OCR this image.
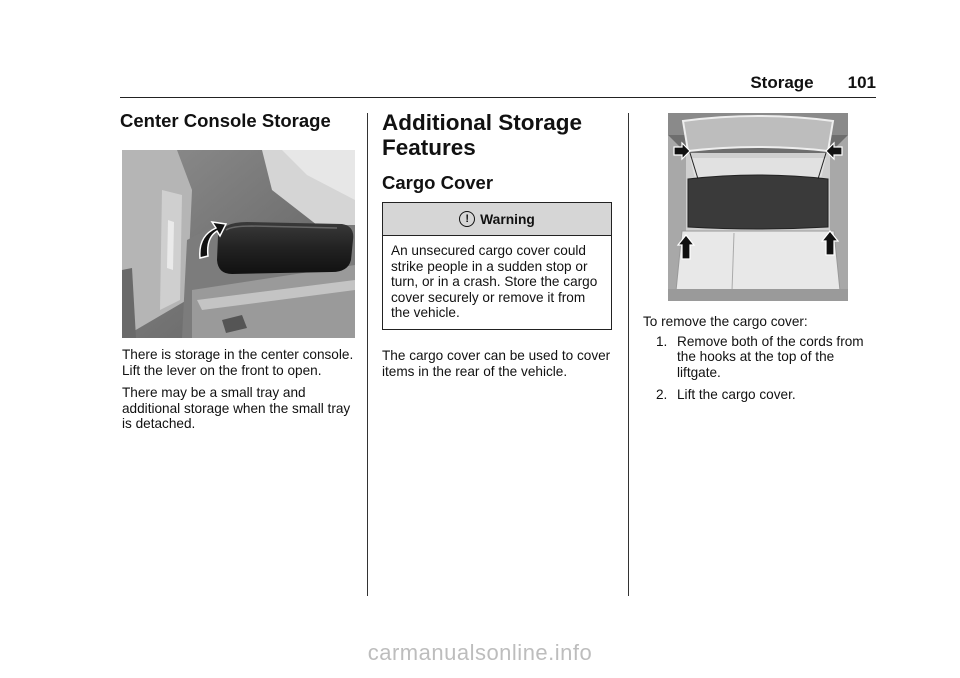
Storage 101
Center Console Storage

There is storage in the center console. Lift the lever on the front to open.

There may be a small tray and additional storage when the small tray is detached.

Additional Storage Features
Cargo Cover
! Warning

An unsecured cargo cover could strike people in a sudden stop or turn, or in a crash. Store the cargo cover securely or remove it from the vehicle.

The cargo cover can be used to cover items in the rear of the vehicle.

To remove the cargo cover:

1. Remove both of the cords from the hooks at the top of the liftgate.
2. Lift the cargo cover.
carmanualsonline.info
